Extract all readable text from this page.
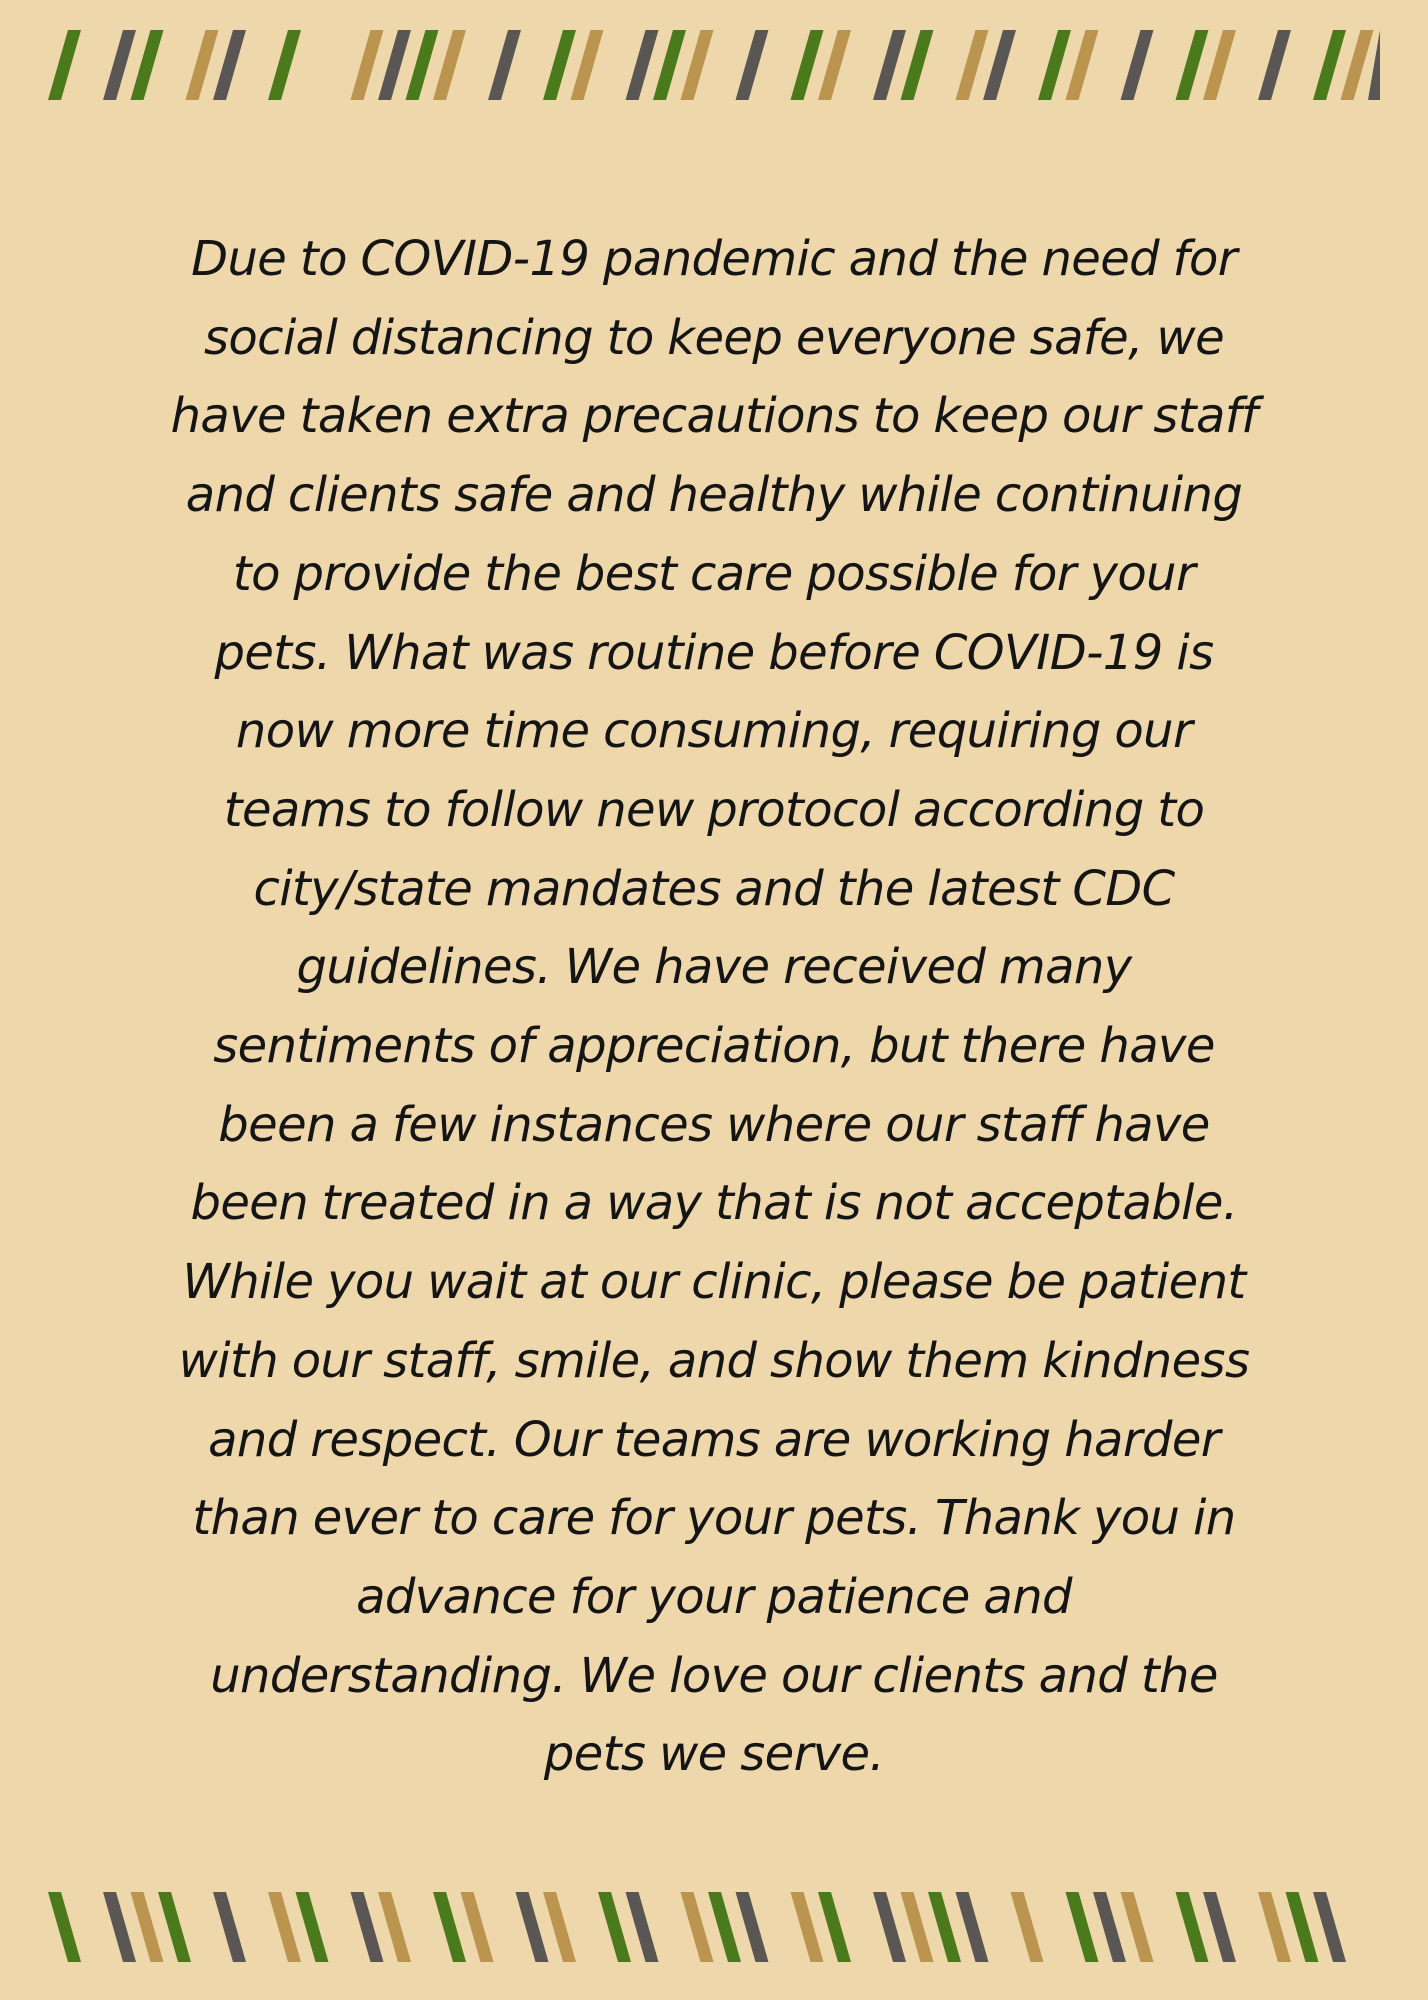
Due to COVID-19 pandemic and the need for
social distancing to keep everyone safe, we
have taken extra precautions to keep our staff
and clients safe and healthy while continuing
to provide the best care possible for your
pets. What was routine before COVID-19 is
now more time consuming, requiring our
teams to follow new protocol according to
city/state mandates and the latest CDC
guidelines. We have received many
sentiments of appreciation, but there have
been a few instances where our staff have
been treated in a way that is not acceptable.
While you wait at our clinic, please be patient
with our staff, smile, and show them kindness
and respect. Our teams are working harder
than ever to care for your pets. Thank you in
advance for your patience and
understanding. We love our clients and the
pets we serve.
